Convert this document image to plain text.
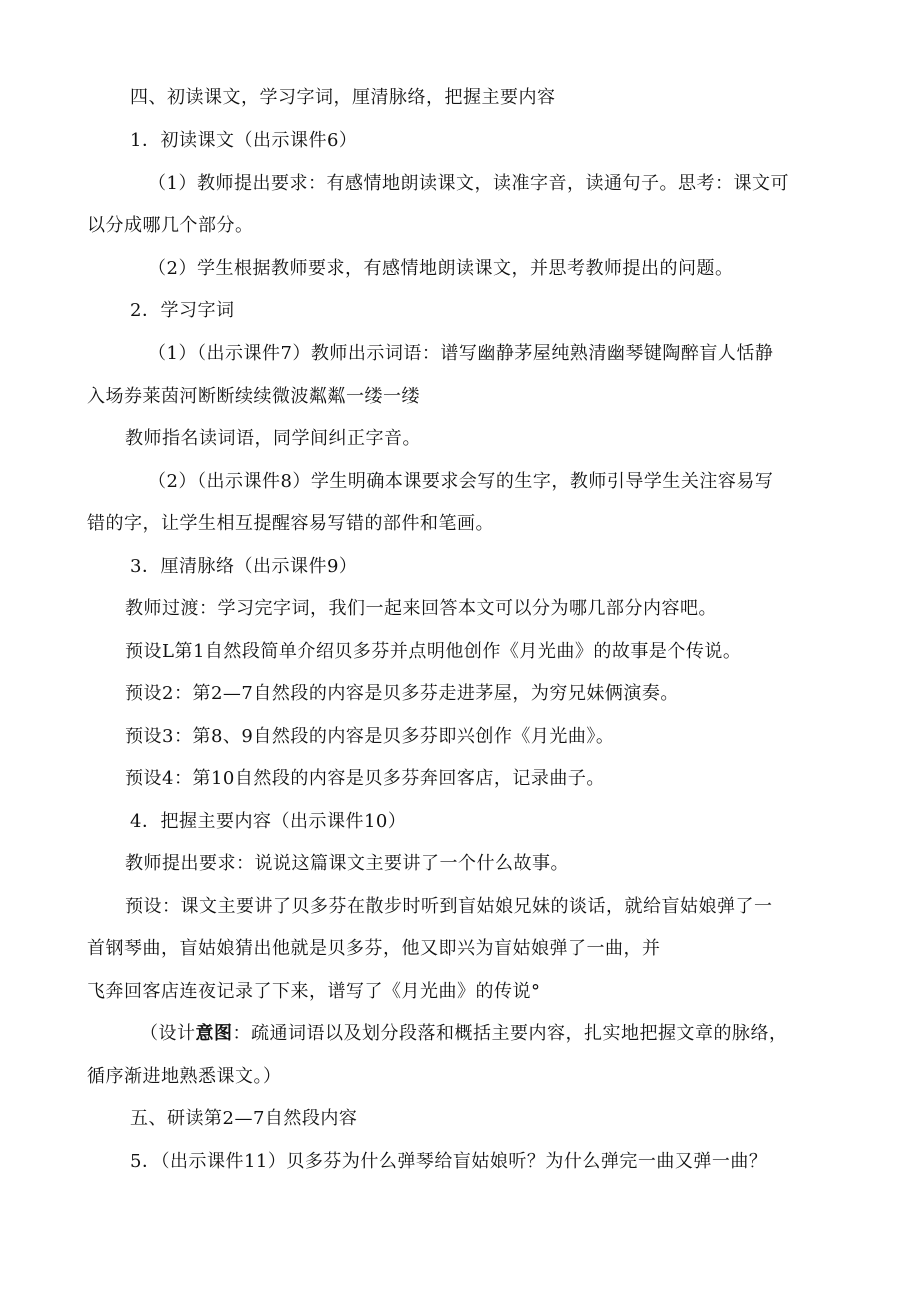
四、初读课文，学习字词，厘清脉络，把握主要内容
1．初读课文（出示课件6）
（1）教师提出要求：有感情地朗读课文，读准字音，读通句子。思考：课文可
以分成哪几个部分。
（2）学生根据教师要求，有感情地朗读课文，并思考教师提出的问题。
2．学习字词
（1）（出示课件7）教师出示词语：谱写幽静茅屋纯熟清幽琴键陶醉盲人恬静
入场券莱茵河断断续续微波粼粼一缕一缕
教师指名读词语，同学间纠正字音。
（2）（出示课件8）学生明确本课要求会写的生字，教师引导学生关注容易写
错的字，让学生相互提醒容易写错的部件和笔画。
3．厘清脉络（出示课件9）
教师过渡：学习完字词，我们一起来回答本文可以分为哪几部分内容吧。
预设L第1自然段简单介绍贝多芬并点明他创作《月光曲》的故事是个传说。
预设2：第2—7自然段的内容是贝多芬走进茅屋，为穷兄妹俩演奏。
预设3：第8、9自然段的内容是贝多芬即兴创作《月光曲》。
预设4：第10自然段的内容是贝多芬奔回客店，记录曲子。
4．把握主要内容（出示课件10）
教师提出要求：说说这篇课文主要讲了一个什么故事。
预设：课文主要讲了贝多芬在散步时听到盲姑娘兄妹的谈话，就给盲姑娘弹了一
首钢琴曲，盲姑娘猜出他就是贝多芬，他又即兴为盲姑娘弹了一曲，并
飞奔回客店连夜记录了下来，谱写了《月光曲》的传说°
（设计意图：疏通词语以及划分段落和概括主要内容，扎实地把握文章的脉络，
循序渐进地熟悉课文。）
五、研读第2—7自然段内容
5．（出示课件11）贝多芬为什么弹琴给盲姑娘听？为什么弹完一曲又弹一曲？
